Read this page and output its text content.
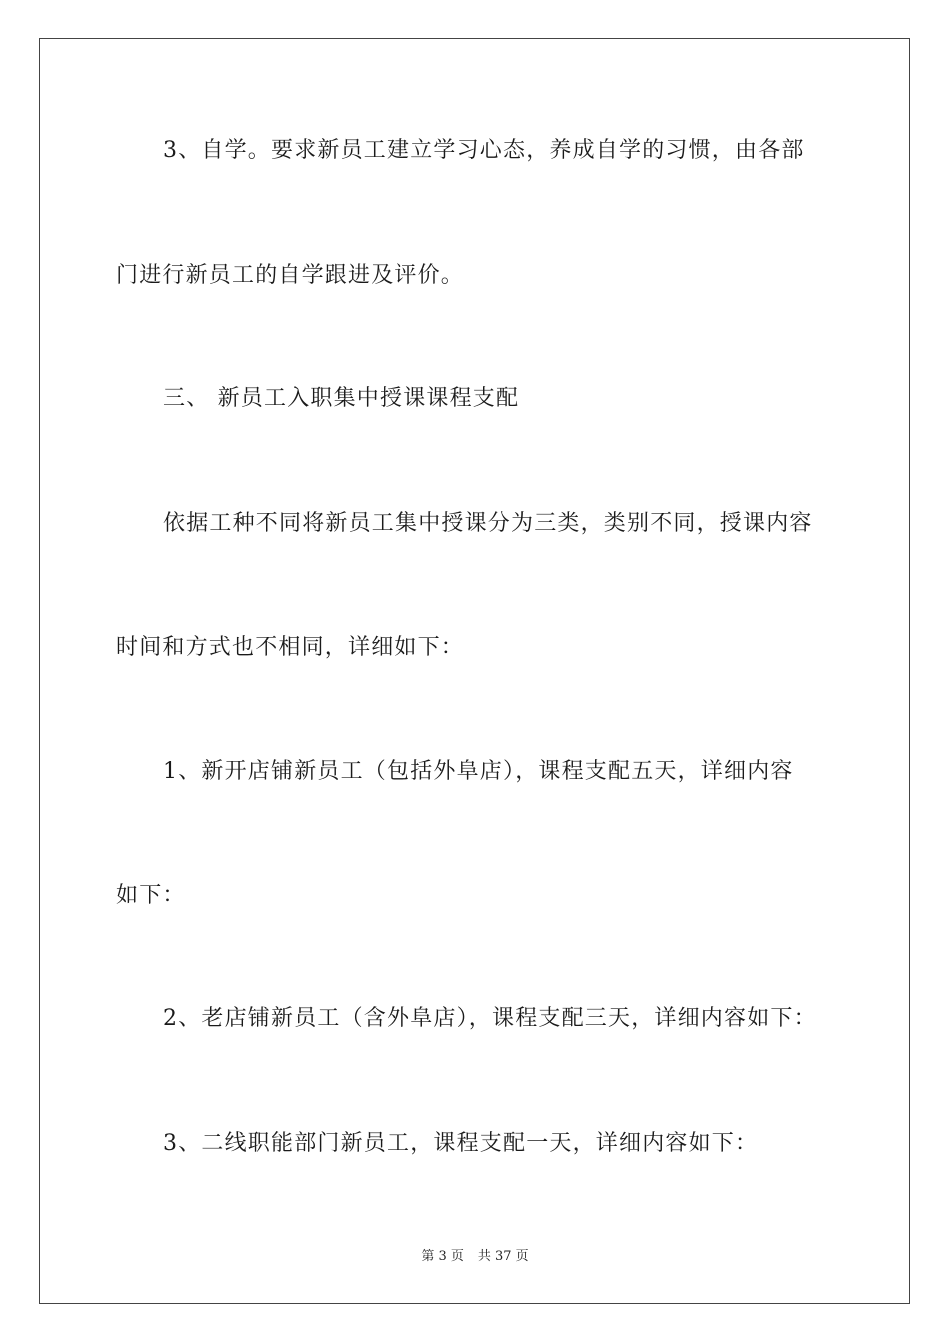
3、自学。要求新员工建立学习心态，养成自学的习惯，由各部
门进行新员工的自学跟进及评价。
三、 新员工入职集中授课课程支配
依据工种不同将新员工集中授课分为三类，类别不同，授课内容
时间和方式也不相同，详细如下：
1、新开店铺新员工（包括外阜店），课程支配五天，详细内容
如下：
2、老店铺新员工（含外阜店），课程支配三天，详细内容如下：
3、二线职能部门新员工，课程支配一天，详细内容如下：
第 3 页 共 37 页
